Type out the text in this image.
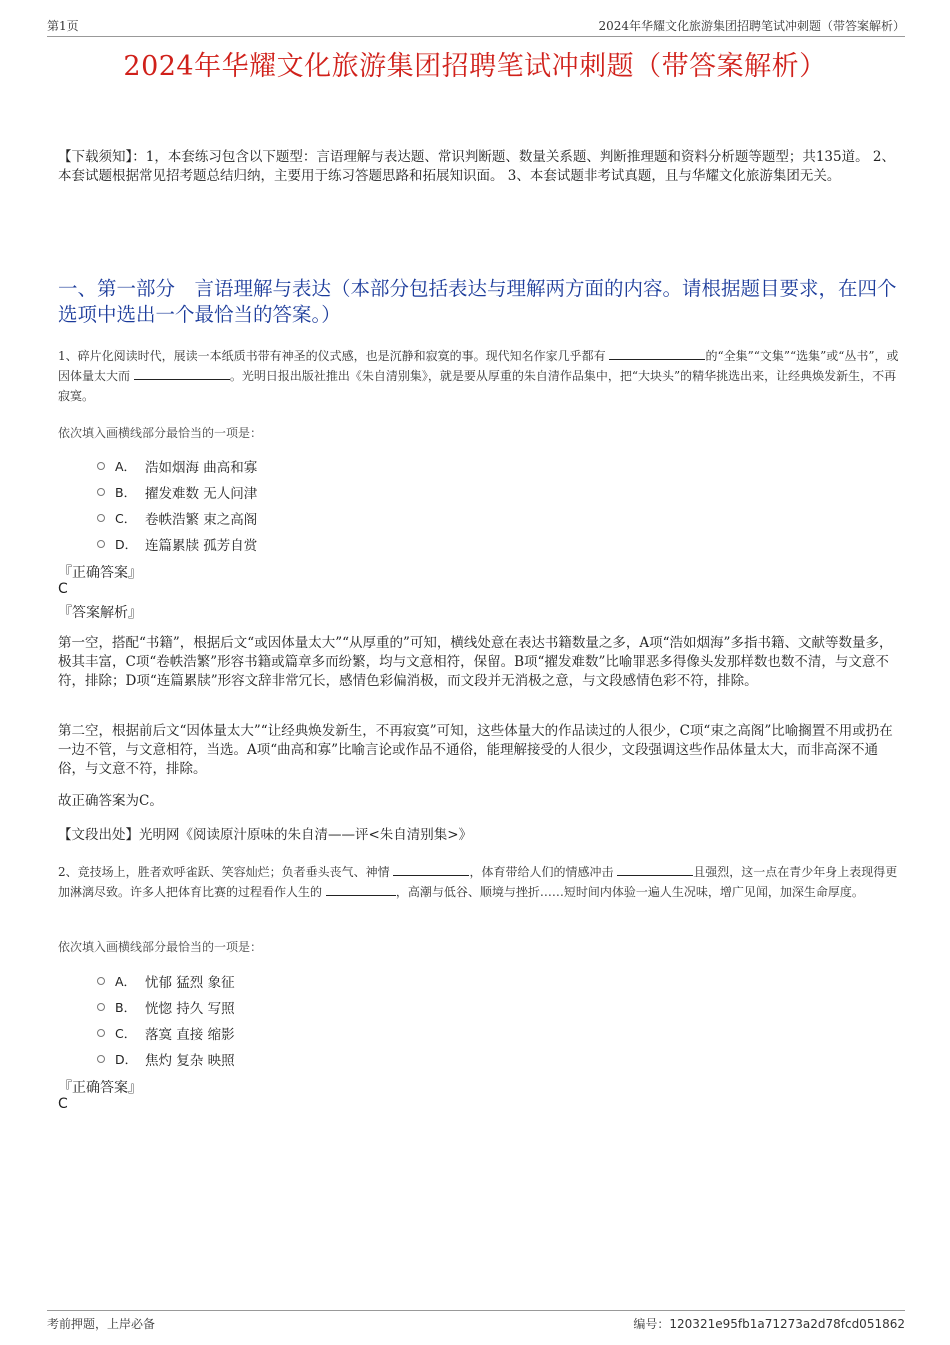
第1页	2024年华耀文化旅游集团招聘笔试冲刺题（带答案解析）
2024年华耀文化旅游集团招聘笔试冲刺题（带答案解析）
【下载须知】：1，本套练习包含以下题型：言语理解与表达题、常识判断题、数量关系题、判断推理题和资料分析题等题型；共135道。 2、本套试题根据常见招考题总结归纳，主要用于练习答题思路和拓展知识面。 3、本套试题非考试真题，且与华耀文化旅游集团无关。
一、第一部分　言语理解与表达（本部分包括表达与理解两方面的内容。请根据题目要求，在四个选项中选出一个最恰当的答案。）
1、碎片化阅读时代，展读一本纸质书带有神圣的仪式感，也是沉静和寂寞的事。现代知名作家几乎都有	的“全集”“文集”“选集”或“丛书”，或因体量太大而	。光明日报出版社推出《朱自清别集》，就是要从厚重的朱自清作品集中，把“大块头”的精华挑选出来，让经典焕发新生，不再寂寞。
依次填入画横线部分最恰当的一项是：
A． 浩如烟海 曲高和寡
B． 擢发难数 无人问津
C． 卷帙浩繁 束之高阁
D． 连篇累牍 孤芳自赏
『正确答案』
C
『答案解析』
第一空，搭配“书籍”，根据后文“或因体量太大”“从厚重的”可知，横线处意在表达书籍数量之多，A项“浩如烟海”多指书籍、文献等数量多，极其丰富，C项“卷帙浩繁”形容书籍或篇章多而纷繁，均与文意相符，保留。B项“擢发难数”比喻罪恶多得像头发那样数也数不清，与文意不符，排除；D项“连篇累牍”形容文辞非常冗长，感情色彩偏消极，而文段并无消极之意，与文段感情色彩不符，排除。
第二空，根据前后文“因体量太大”“让经典焕发新生，不再寂寞”可知，这些体量大的作品读过的人很少，C项“束之高阁”比喻搁置不用或扔在一边不管，与文意相符，当选。A项“曲高和寡”比喻言论或作品不通俗，能理解接受的人很少，文段强调这些作品体量太大，而非高深不通俗，与文意不符，排除。
故正确答案为C。
【文段出处】光明网《阅读原汁原味的朱自清——评<朱自清别集>》
2、竞技场上，胜者欢呼雀跃、笑容灿烂；负者垂头丧气、神情	，体育带给人们的情感冲击	且强烈，这一点在青少年身上表现得更加淋漓尽致。许多人把体育比赛的过程看作人生的	，高潮与低谷、顺境与挫折……短时间内体验一遍人生况味，增广见闻，加深生命厚度。
依次填入画横线部分最恰当的一项是：
A． 忧郁 猛烈 象征
B． 恍惚 持久 写照
C． 落寞 直接 缩影
D． 焦灼 复杂 映照
『正确答案』
C
考前押题，上岸必备	编号：120321e95fb1a71273a2d78fcd051862
